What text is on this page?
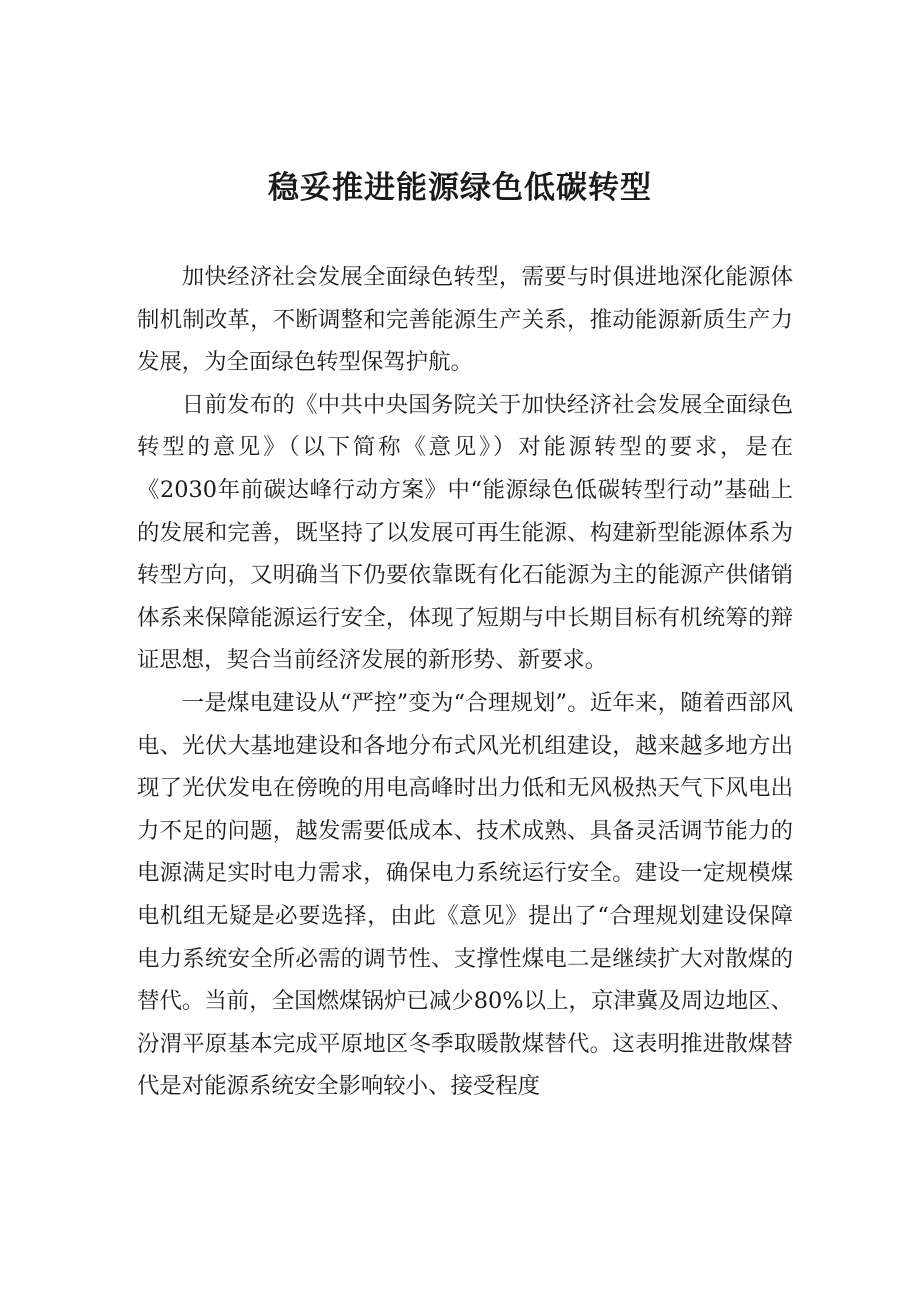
稳妥推进能源绿色低碳转型

加快经济社会发展全面绿色转型，需要与时俱进地深化能源体制机制改革，不断调整和完善能源生产关系，推动能源新质生产力发展，为全面绿色转型保驾护航。

日前发布的《中共中央国务院关于加快经济社会发展全面绿色转型的意见》（以下简称《意见》）对能源转型的要求，是在《2030年前碳达峰行动方案》中“能源绿色低碳转型行动”基础上的发展和完善，既坚持了以发展可再生能源、构建新型能源体系为转型方向，又明确当下仍要依靠既有化石能源为主的能源产供储销体系来保障能源运行安全，体现了短期与中长期目标有机统筹的辩证思想，契合当前经济发展的新形势、新要求。

一是煤电建设从“严控”变为“合理规划”。近年来，随着西部风电、光伏大基地建设和各地分布式风光机组建设，越来越多地方出现了光伏发电在傍晚的用电高峰时出力低和无风极热天气下风电出力不足的问题，越发需要低成本、技术成熟、具备灵活调节能力的电源满足实时电力需求，确保电力系统运行安全。建设一定规模煤电机组无疑是必要选择，由此《意见》提出了“合理规划建设保障电力系统安全所必需的调节性、支撑性煤电二是继续扩大对散煤的替代。当前，全国燃煤锅炉已减少80%以上，京津冀及周边地区、汾渭平原基本完成平原地区冬季取暖散煤替代。这表明推进散煤替代是对能源系统安全影响较小、接受程度
